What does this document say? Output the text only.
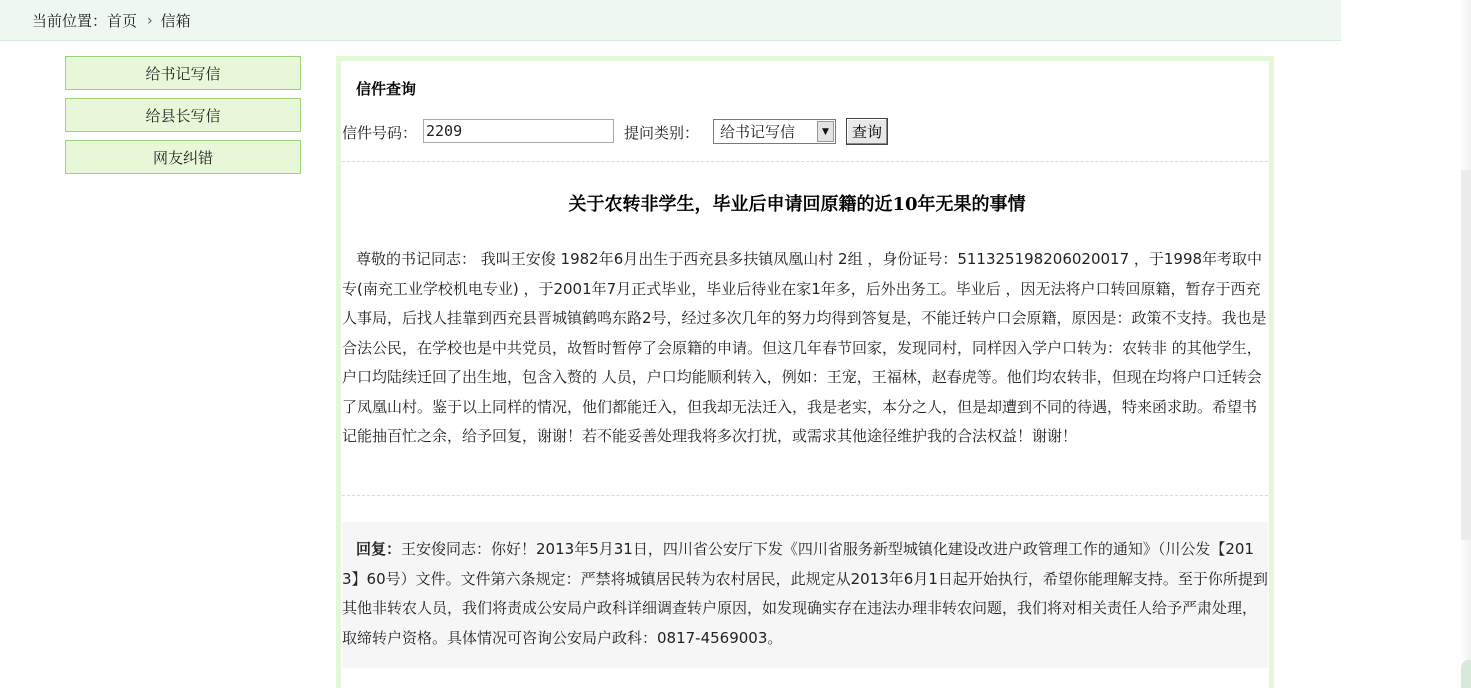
当前位置： 首页 › 信箱
给书记写信
给县长写信
网友纠错
信件查询
信件号码：
2209	提问类别：	给书记写信	▼	查询
关于农转非学生，毕业后申请回原籍的近10年无果的事情
尊敬的书记同志： 我叫王安俊 1982年6月出生于西充县多扶镇凤凰山村 2组 ，身份证号：511325198206020017 ，于1998年考取中专(南充工业学校机电专业) ，于2001年7月正式毕业，毕业后待业在家1年多，后外出务工。毕业后 ，因无法将户口转回原籍，暂存于西充人事局，后找人挂靠到西充县晋城镇鹤鸣东路2号，经过多次几年的努力均得到答复是，不能迁转户口会原籍，原因是：政策不支持。我也是合法公民，在学校也是中共党员，故暂时暂停了会原籍的申请。但这几年春节回家，发现同村，同样因入学户口转为：农转非 的其他学生，户口均陆续迁回了出生地，包含入赘的 人员，户口均能顺利转入，例如：王宠，王福林，赵春虎等。他们均农转非，但现在均将户口迁转会了凤凰山村。鉴于以上同样的情况，他们都能迁入，但我却无法迁入，我是老实，本分之人，但是却遭到不同的待遇，特来函求助。希望书记能抽百忙之余，给予回复，谢谢！若不能妥善处理我将多次打扰，或需求其他途径维护我的合法权益！谢谢！
回复：王安俊同志：你好！2013年5月31日，四川省公安厅下发《四川省服务新型城镇化建设改进户政管理工作的通知》（川公发【2013】60号）文件。文件第六条规定：严禁将城镇居民转为农村居民，此规定从2013年6月1日起开始执行，希望你能理解支持。至于你所提到其他非转农人员，我们将责成公安局户政科详细调查转户原因，如发现确实存在违法办理非转农问题，我们将对相关责任人给予严肃处理，取缔转户资格。具体情况可咨询公安局户政科：0817-4569003。
